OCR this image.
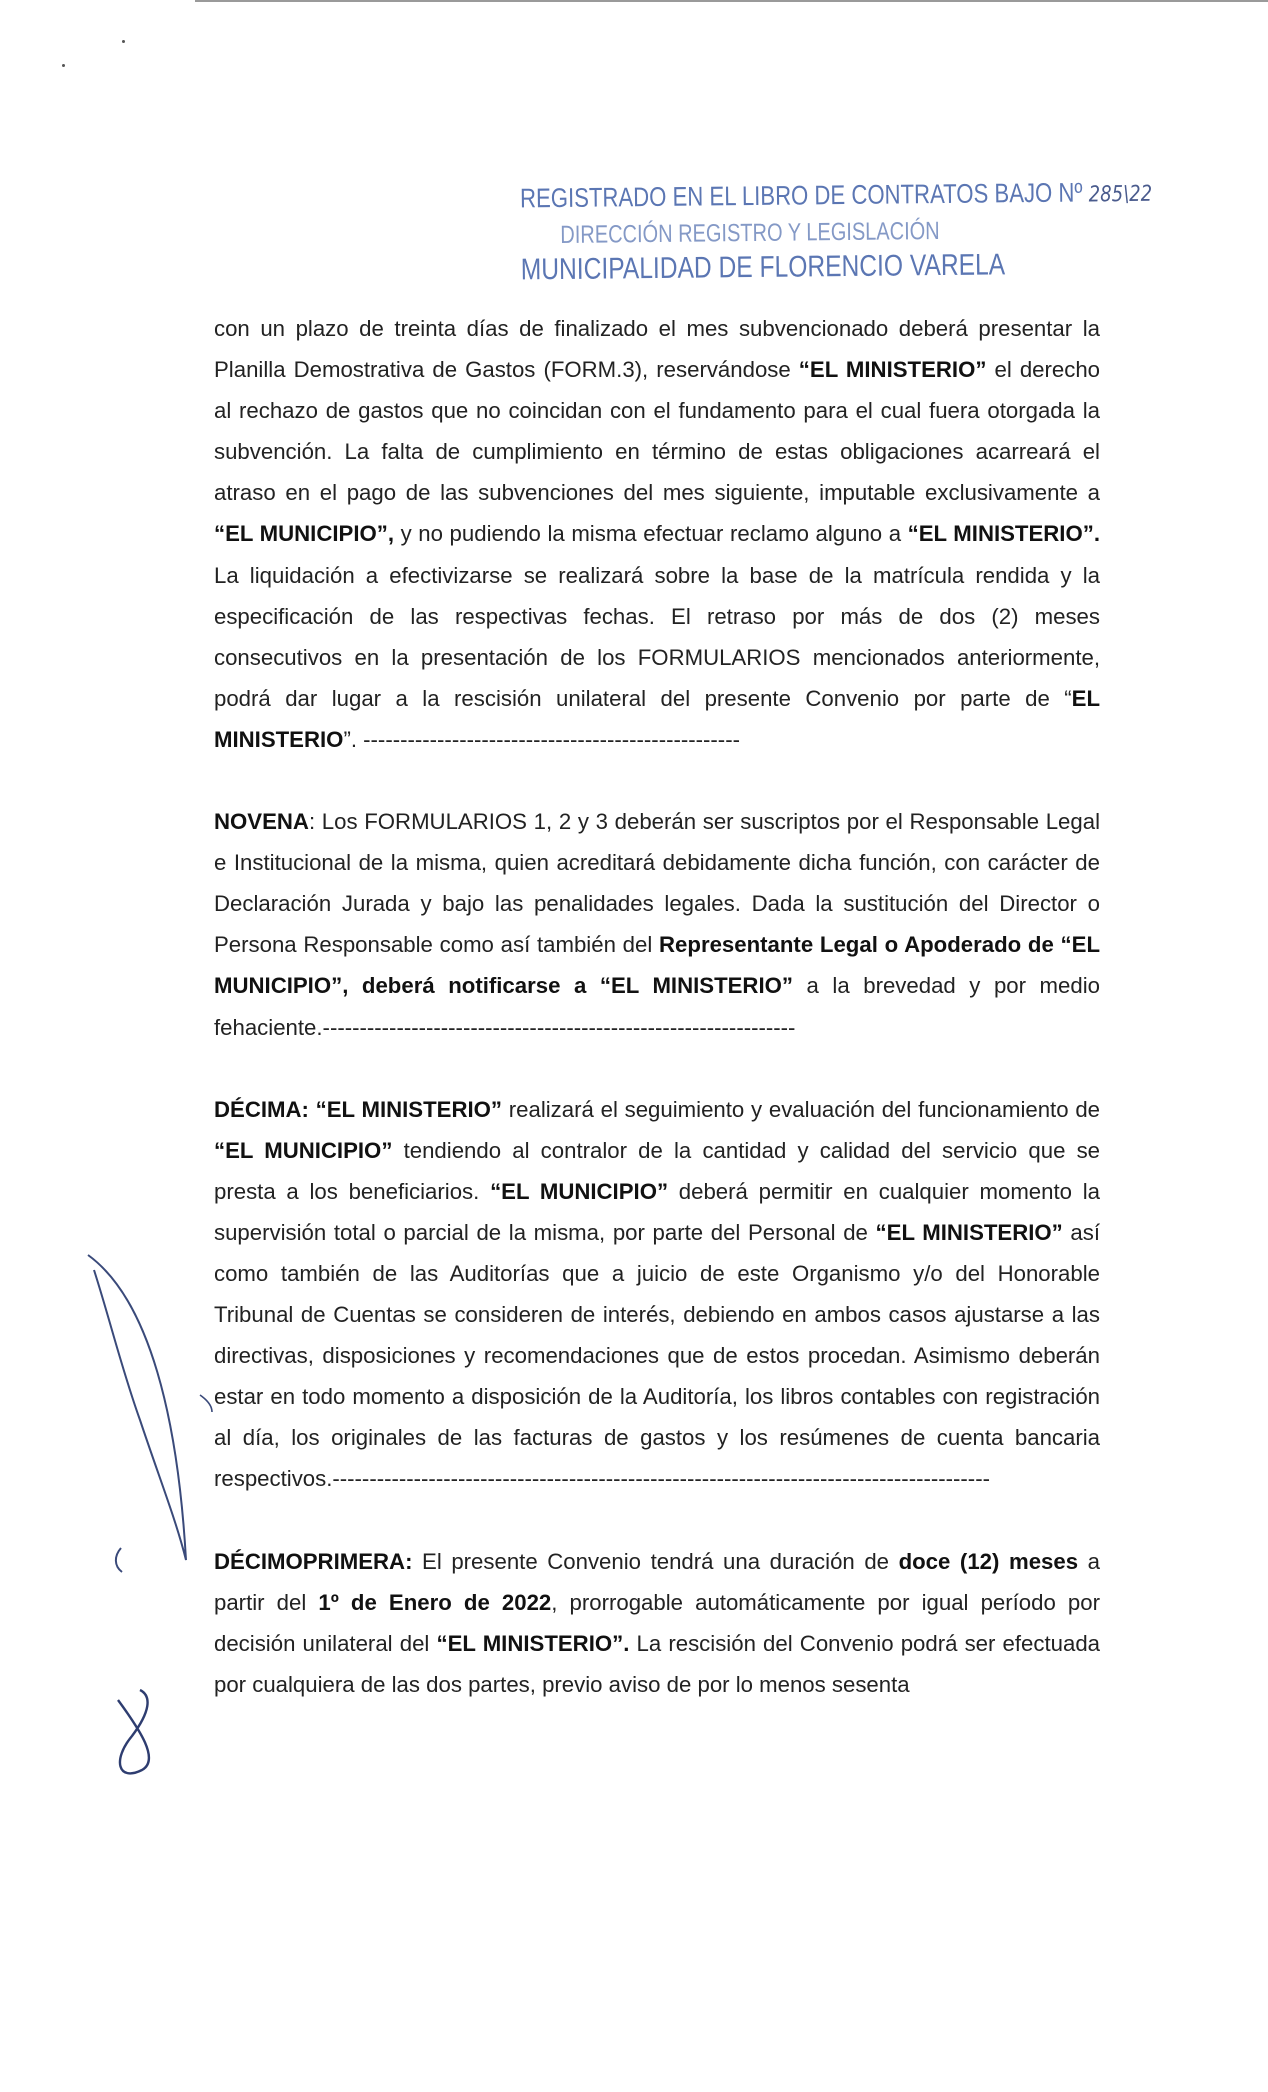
REGISTRADO EN EL LIBRO DE CONTRATOS BAJO Nº 285\22
DIRECCIÓN REGISTRO Y LEGISLACIÓN
MUNICIPALIDAD DE FLORENCIO VARELA

con un plazo de treinta días de finalizado el mes subvencionado deberá presentar la Planilla Demostrativa de Gastos (FORM.3), reservándose “EL MINISTERIO” el derecho al rechazo de gastos que no coincidan con el fundamento para el cual fuera otorgada la subvención. La falta de cumplimiento en término de estas obligaciones acarreará el atraso en el pago de las subvenciones del mes siguiente, imputable exclusivamente a “EL MUNICIPIO”, y no pudiendo la misma efectuar reclamo alguno a “EL MINISTERIO”. La liquidación a efectivizarse se realizará sobre la base de la matrícula rendida y la especificación de las respectivas fechas. El retraso por más de dos (2) meses consecutivos en la presentación de los FORMULARIOS mencionados anteriormente, podrá dar lugar a la rescisión unilateral del presente Convenio por parte de “EL MINISTERIO”. ---------------------------------------------------

NOVENA: Los FORMULARIOS 1, 2 y 3 deberán ser suscriptos por el Responsable Legal e Institucional de la misma, quien acreditará debidamente dicha función, con carácter de Declaración Jurada y bajo las penalidades legales. Dada la sustitución del Director o Persona Responsable como así también del Representante Legal o Apoderado de “EL MUNICIPIO”, deberá notificarse a “EL MINISTERIO” a la brevedad y por medio fehaciente.----------------------------------------------------------------

DÉCIMA: “EL MINISTERIO” realizará el seguimiento y evaluación del funcionamiento de “EL MUNICIPIO” tendiendo al contralor de la cantidad y calidad del servicio que se presta a los beneficiarios. “EL MUNICIPIO” deberá permitir en cualquier momento la supervisión total o parcial de la misma, por parte del Personal de “EL MINISTERIO” así como también de las Auditorías que a juicio de este Organismo y/o del Honorable Tribunal de Cuentas se consideren de interés, debiendo en ambos casos ajustarse a las directivas, disposiciones y recomendaciones que de estos procedan. Asimismo deberán estar en todo momento a disposición de la Auditoría, los libros contables con registración al día, los originales de las facturas de gastos y los resúmenes de cuenta bancaria respectivos.-----------------------------------------------------------------------------------------

DÉCIMOPRIMERA: El presente Convenio tendrá una duración de doce (12) meses a partir del 1º de Enero de 2022, prorrogable automáticamente por igual período por decisión unilateral del “EL MINISTERIO”. La rescisión del Convenio podrá ser efectuada por cualquiera de las dos partes, previo aviso de por lo menos sesenta
